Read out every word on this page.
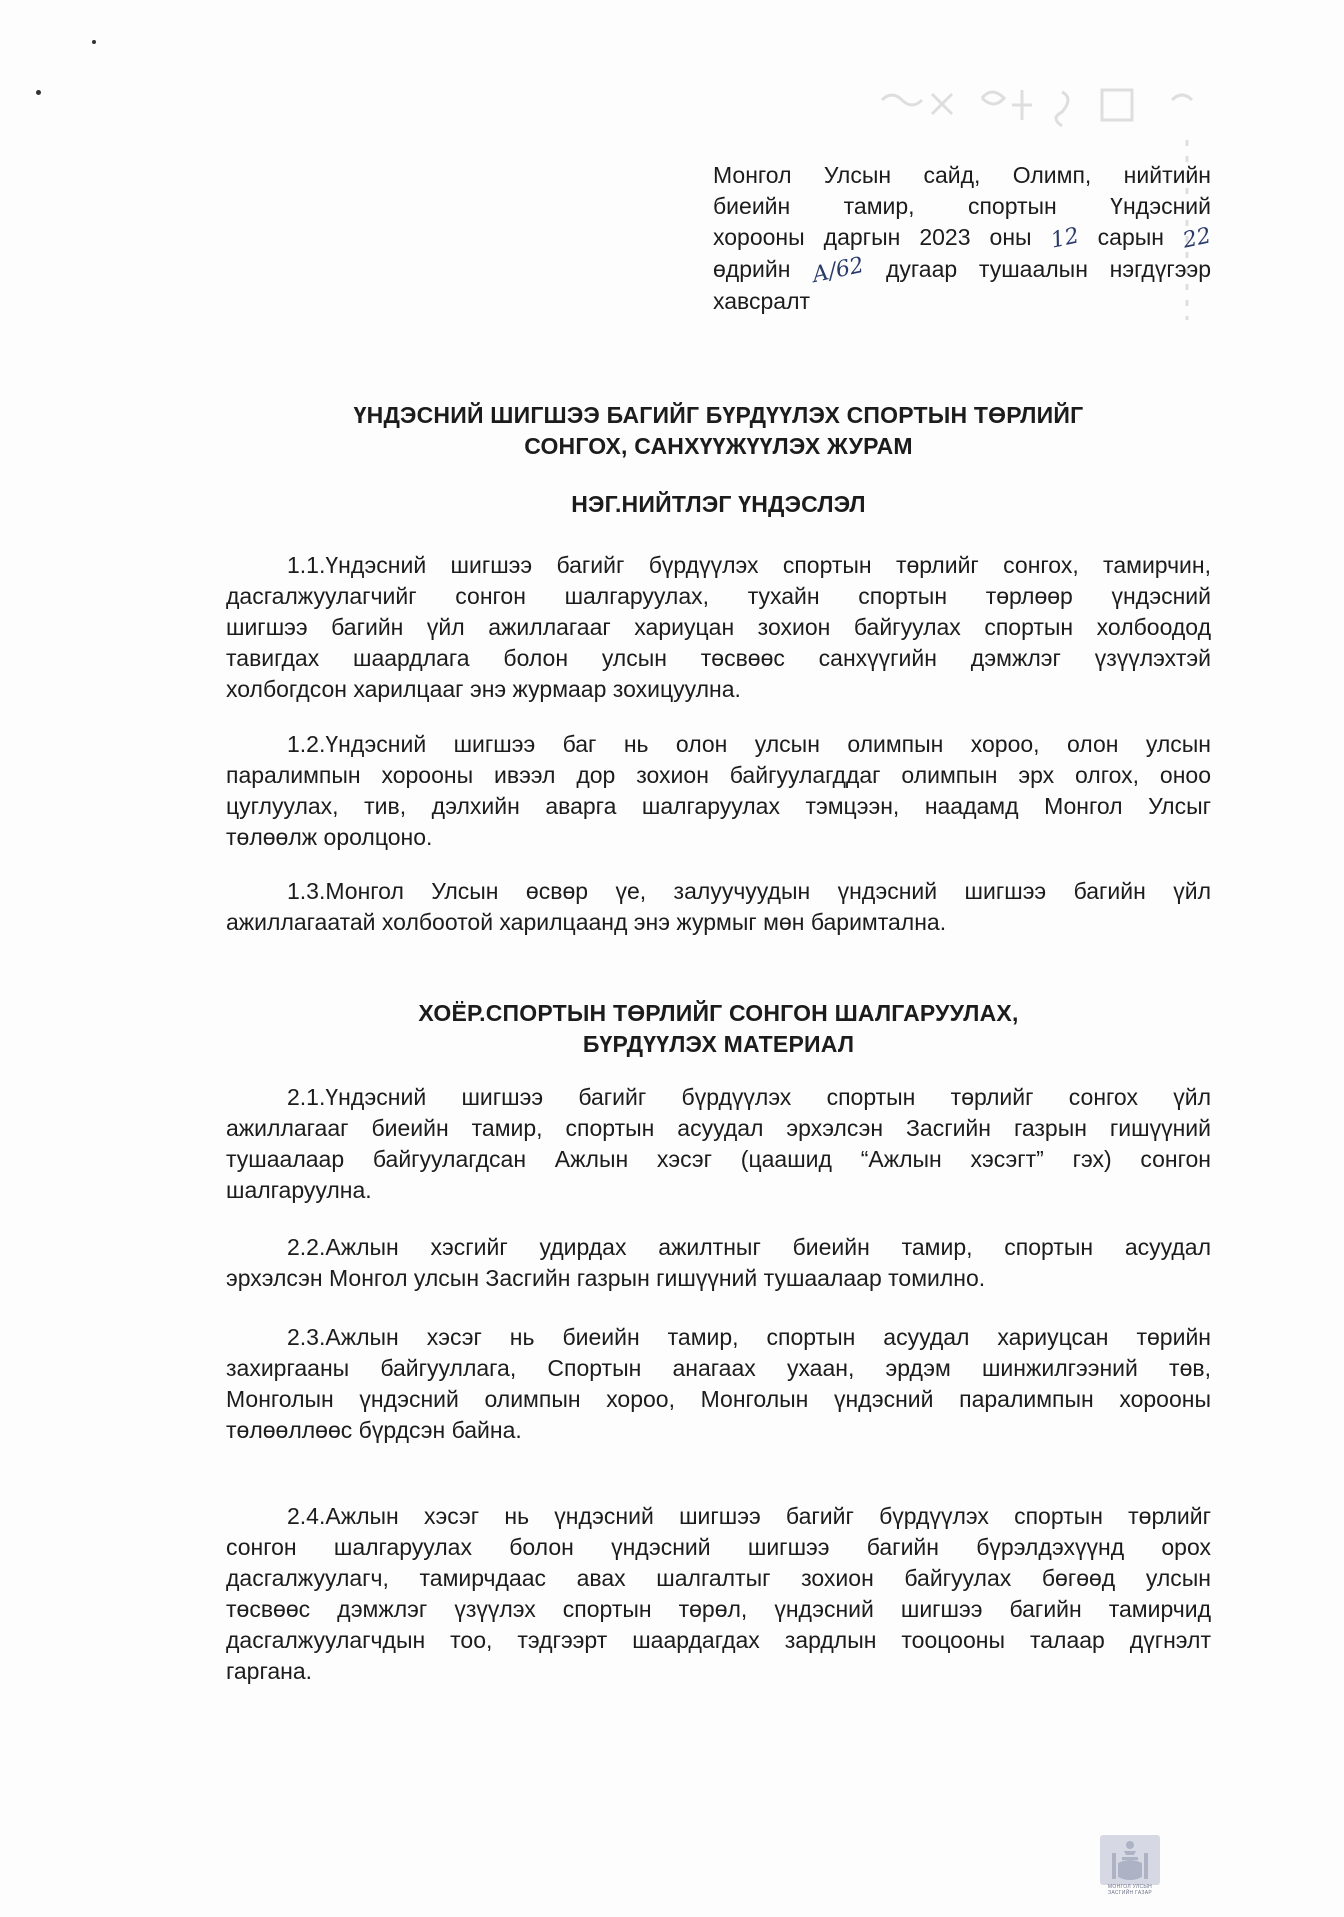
Монгол Улсын сайд, Олимп, нийтийн
биеийн тамир, спортын Үндэсний
хорооны даргын 2023 оны 12 сарын 22
өдрийн А/62 дугаар тушаалын нэгдүгээр
хавсралт
ҮНДЭСНИЙ ШИГШЭЭ БАГИЙГ БҮРДҮҮЛЭХ СПОРТЫН ТӨРЛИЙГ
СОНГОХ, САНХҮҮЖҮҮЛЭХ ЖУРАМ
НЭГ.НИЙТЛЭГ ҮНДЭСЛЭЛ
1.1.Үндэсний шигшээ багийг бүрдүүлэх спортын төрлийг сонгох, тамирчин,
дасгалжуулагчийг сонгон шалгаруулах, тухайн спортын төрлөөр үндэсний
шигшээ багийн үйл ажиллагааг хариуцан зохион байгуулах спортын холбоодод
тавигдах шаардлага болон улсын төсвөөс санхүүгийн дэмжлэг үзүүлэхтэй
холбогдсон харилцааг энэ журмаар зохицуулна.
1.2.Үндэсний шигшээ баг нь олон улсын олимпын хороо, олон улсын
паралимпын хорооны ивээл дор зохион байгуулагддаг олимпын эрх олгох, оноо
цуглуулах, тив, дэлхийн аварга шалгаруулах тэмцээн, наадамд Монгол Улсыг
төлөөлж оролцоно.
1.3.Монгол Улсын өсвөр үе, залуучуудын үндэсний шигшээ багийн үйл
ажиллагаатай холбоотой харилцаанд энэ журмыг мөн баримтална.
ХОЁР.СПОРТЫН ТӨРЛИЙГ СОНГОН ШАЛГАРУУЛАХ,
БҮРДҮҮЛЭХ МАТЕРИАЛ
2.1.Үндэсний шигшээ багийг бүрдүүлэх спортын төрлийг сонгох үйл
ажиллагааг биеийн тамир, спортын асуудал эрхэлсэн Засгийн газрын гишүүний
тушаалаар байгуулагдсан Ажлын хэсэг (цаашид “Ажлын хэсэгт” гэх) сонгон
шалгаруулна.
2.2.Ажлын хэсгийг удирдах ажилтныг биеийн тамир, спортын асуудал
эрхэлсэн Монгол улсын Засгийн газрын гишүүний тушаалаар томилно.
2.3.Ажлын хэсэг нь биеийн тамир, спортын асуудал хариуцсан төрийн
захиргааны байгууллага, Спортын анагаах ухаан, эрдэм шинжилгээний төв,
Монголын үндэсний олимпын хороо, Монголын үндэсний паралимпын хорооны
төлөөллөөс бүрдсэн байна.
2.4.Ажлын хэсэг нь үндэсний шигшээ багийг бүрдүүлэх спортын төрлийг
сонгон шалгаруулах болон үндэсний шигшээ багийн бүрэлдэхүүнд орох
дасгалжуулагч, тамирчдаас авах шалгалтыг зохион байгуулах бөгөөд улсын
төсвөөс дэмжлэг үзүүлэх спортын төрөл, үндэсний шигшээ багийн тамирчид
дасгалжуулагчдын тоо, тэдгээрт шаардагдах зардлын тооцооны талаар дүгнэлт
гаргана.
МОНГОЛ УЛСЫН
ЗАСГИЙН ГАЗАР
